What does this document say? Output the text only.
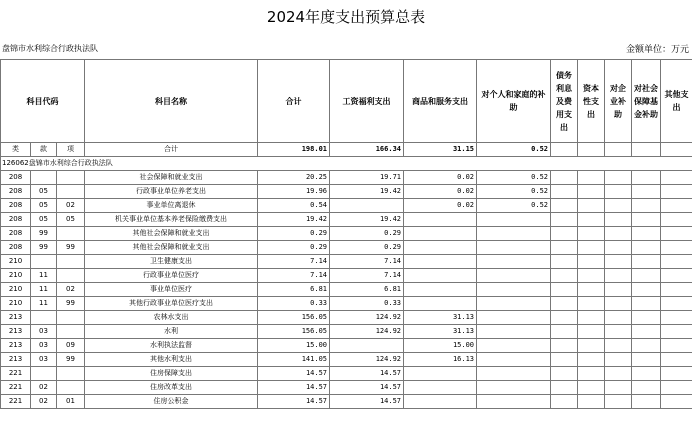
2024年度支出预算总表
盘锦市水利综合行政执法队	金额单位：万元
科目代码			科目名称	合计	工资福利支出	商品和服务支出	对个人和家庭的补助	债务利息及费用支出	资本性支出	对企业补助	对社会保障基金补助	其他支出
类	款	项	合计	198.01	166.34	31.15	0.52					
126062盘锦市水利综合行政执法队												
208			社会保障和就业支出	20.25	19.71	0.02	0.52					
208	05		行政事业单位养老支出	19.96	19.42	0.02	0.52					
208	05	02	事业单位离退休	0.54		0.02	0.52					
208	05	05	机关事业单位基本养老保险缴费支出	19.42	19.42							
208	99		其他社会保障和就业支出	0.29	0.29							
208	99	99	其他社会保障和就业支出	0.29	0.29							
210			卫生健康支出	7.14	7.14							
210	11		行政事业单位医疗	7.14	7.14							
210	11	02	事业单位医疗	6.81	6.81							
210	11	99	其他行政事业单位医疗支出	0.33	0.33							
213			农林水支出	156.05	124.92	31.13						
213	03		水利	156.05	124.92	31.13						
213	03	09	水利执法监督	15.00		15.00						
213	03	99	其他水利支出	141.05	124.92	16.13						
221			住房保障支出	14.57	14.57							
221	02		住房改革支出	14.57	14.57							
221	02	01	住房公积金	14.57	14.57							
